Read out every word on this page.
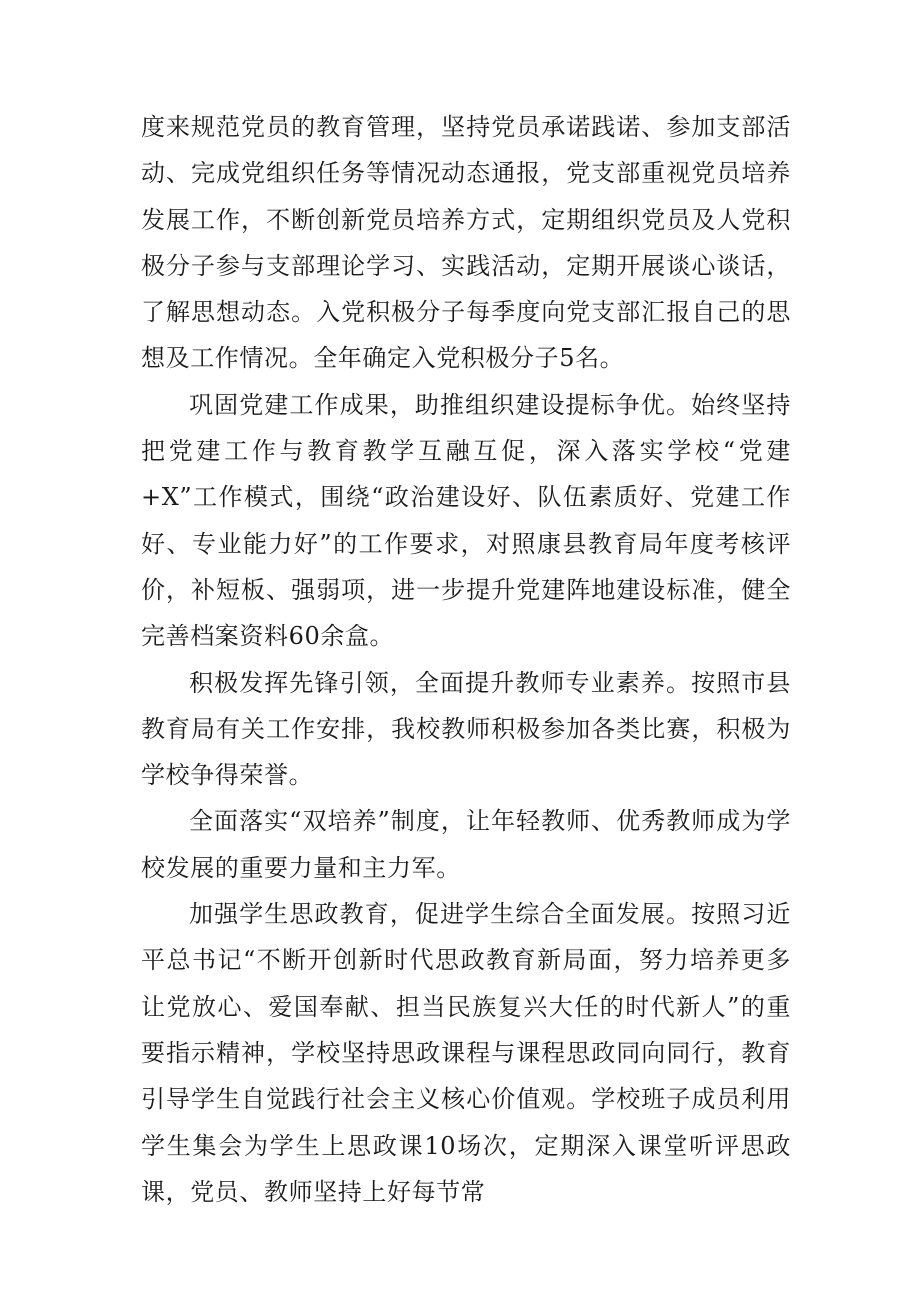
度来规范党员的教育管理，坚持党员承诺践诺、参加支部活动、完成党组织任务等情况动态通报，党支部重视党员培养发展工作，不断创新党员培养方式，定期组织党员及人党积极分子参与支部理论学习、实践活动，定期开展谈心谈话，了解思想动态。入党积极分子每季度向党支部汇报自己的思想及工作情况。全年确定入党积极分子5名。

巩固党建工作成果，助推组织建设提标争优。始终坚持把党建工作与教育教学互融互促，深入落实学校“党建+X”工作模式，围绕“政治建设好、队伍素质好、党建工作好、专业能力好”的工作要求，对照康县教育局年度考核评价，补短板、强弱项，进一步提升党建阵地建设标准，健全完善档案资料60余盒。

积极发挥先锋引领，全面提升教师专业素养。按照市县教育局有关工作安排，我校教师积极参加各类比赛，积极为学校争得荣誉。

全面落实“双培养”制度，让年轻教师、优秀教师成为学校发展的重要力量和主力军。

加强学生思政教育，促进学生综合全面发展。按照习近平总书记“不断开创新时代思政教育新局面，努力培养更多让党放心、爱国奉献、担当民族复兴大任的时代新人”的重要指示精神，学校坚持思政课程与课程思政同向同行，教育引导学生自觉践行社会主义核心价值观。学校班子成员利用学生集会为学生上思政课10场次，定期深入课堂听评思政课，党员、教师坚持上好每节常
